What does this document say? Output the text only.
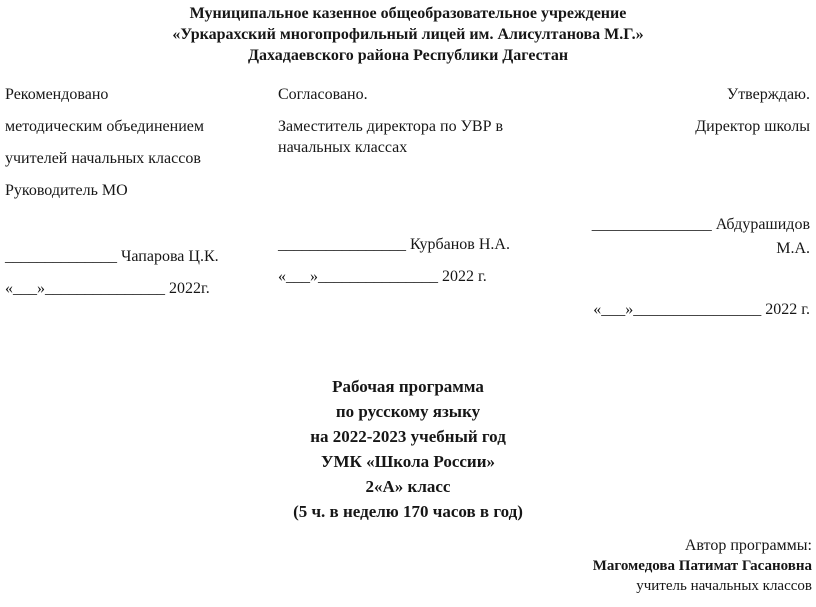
Муниципальное казенное общеобразовательное учреждение
«Уркарахский многопрофильный лицей им. Алисултанова М.Г.»
Дахадаевского района Республики Дагестан
Рекомендовано
методическим объединением
учителей начальных классов
Руководитель МО
______________ Чапарова Ц.К.
«___»_______________ 2022г.
Согласовано.
Заместитель директора по УВР в начальных классах
________________ Курбанов Н.А.
«___»_______________ 2022 г.
Утверждаю.
Директор школы
_______________ Абдурашидов
М.А.
«___»________________ 2022 г.
Рабочая программа
по русскому языку
на 2022-2023 учебный год
УМК «Школа России»
2«А» класс
(5 ч. в неделю 170 часов в год)
Автор программы:
Магомедова Патимат Гасановна
учитель начальных классов
